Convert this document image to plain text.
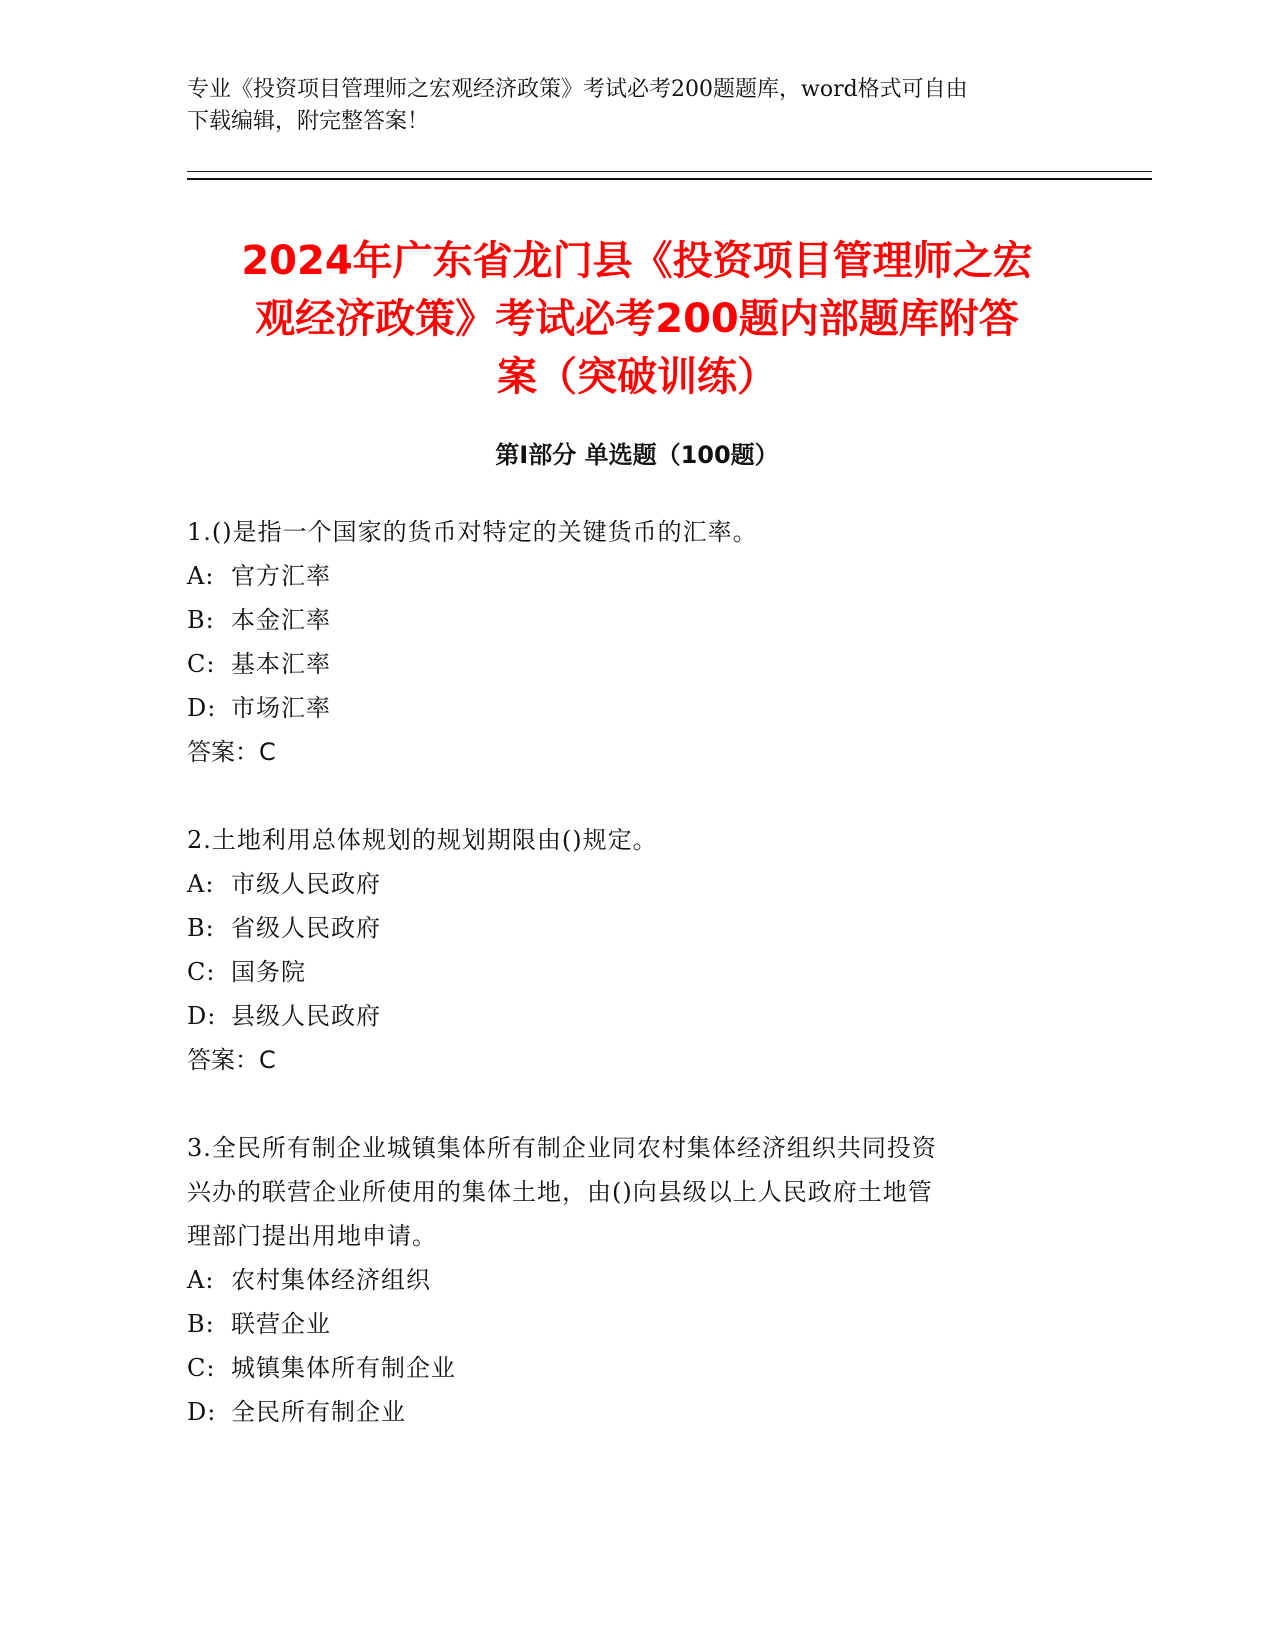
专业《投资项目管理师之宏观经济政策》考试必考200题题库，word格式可自由
下载编辑，附完整答案！
2024年广东省龙门县《投资项目管理师之宏
观经济政策》考试必考200题内部题库附答
案（突破训练）
第I部分 单选题（100题）
1.()是指一个国家的货币对特定的关键货币的汇率。
A: 官方汇率
B: 本金汇率
C: 基本汇率
D: 市场汇率
答案：C
2.土地利用总体规划的规划期限由()规定。
A: 市级人民政府
B: 省级人民政府
C: 国务院
D: 县级人民政府
答案：C
3.全民所有制企业城镇集体所有制企业同农村集体经济组织共同投资
兴办的联营企业所使用的集体土地，由()向县级以上人民政府土地管
理部门提出用地申请。
A: 农村集体经济组织
B: 联营企业
C: 城镇集体所有制企业
D: 全民所有制企业
